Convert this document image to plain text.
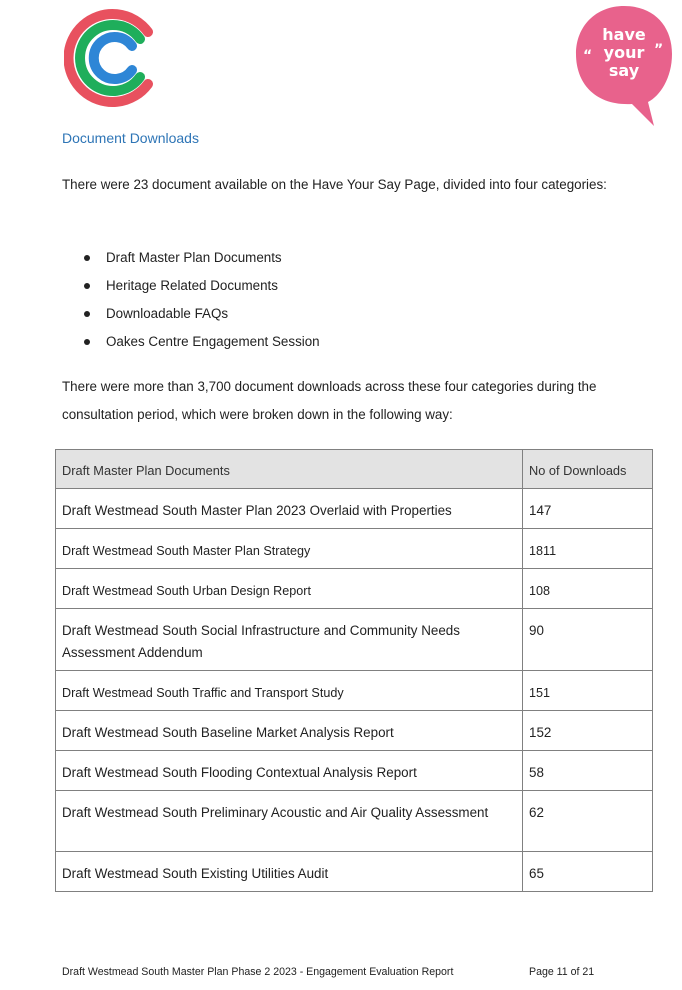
“	”
have
your
say
Document Downloads

There were 23 document available on the Have Your Say Page, divided into four categories:

Draft Master Plan Documents
Heritage Related Documents
Downloadable FAQs
Oakes Centre Engagement Session

There were more than 3,700 document downloads across these four categories during the consultation period, which were broken down in the following way:

Draft Master Plan Documents	No of Downloads
Draft Westmead South Master Plan 2023 Overlaid with Properties	147
Draft Westmead South Master Plan Strategy	1811
Draft Westmead South Urban Design Report	108
Draft Westmead South Social Infrastructure and Community Needs Assessment Addendum	90
Draft Westmead South Traffic and Transport Study	151
Draft Westmead South Baseline Market Analysis Report	152
Draft Westmead South Flooding Contextual Analysis Report	58
Draft Westmead South Preliminary Acoustic and Air Quality Assessment	62
Draft Westmead South Existing Utilities Audit	65
Draft Westmead South Master Plan Phase 2 2023 - Engagement Evaluation Report	Page 11 of 21
